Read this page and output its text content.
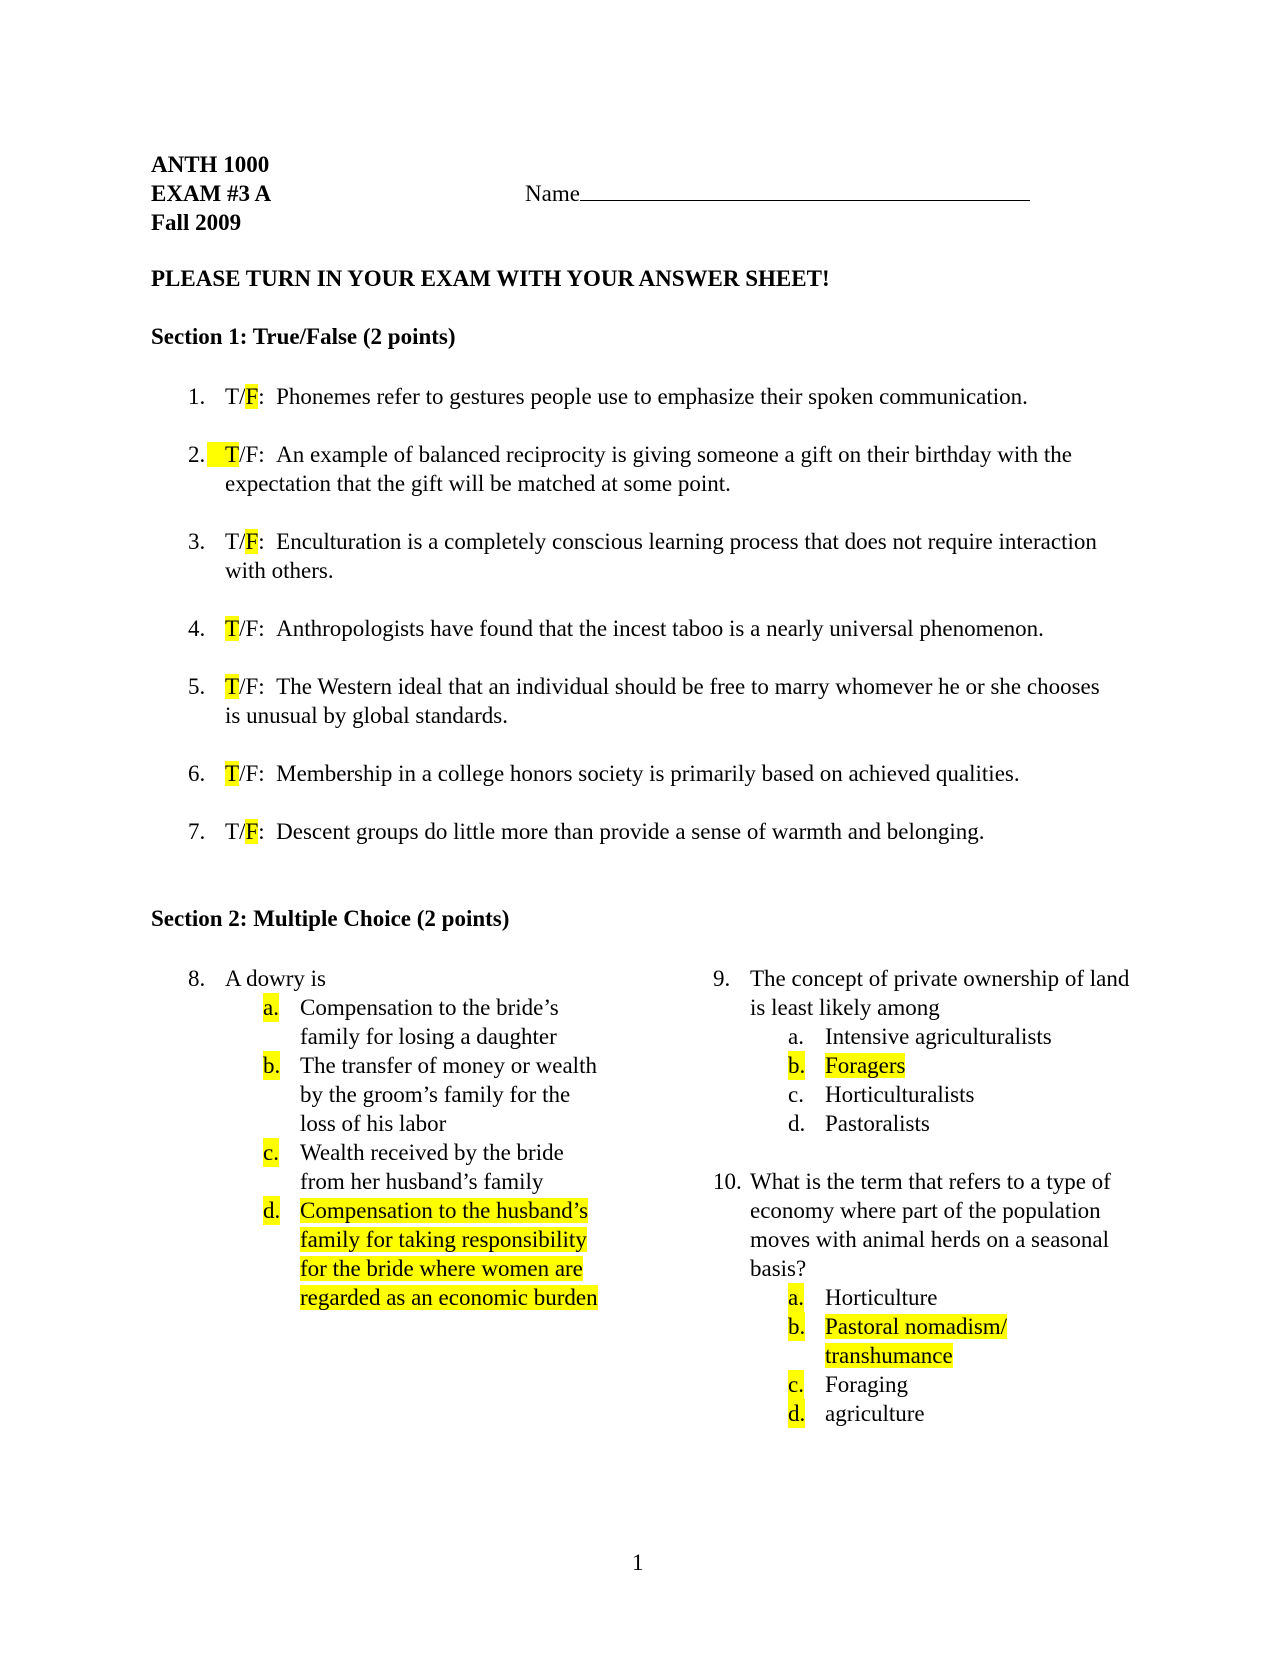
ANTH 1000
EXAM #3 A
Fall 2009
Name
PLEASE TURN IN YOUR EXAM WITH YOUR ANSWER SHEET!
Section 1: True/False (2 points)
1. T/F: Phonemes refer to gestures people use to emphasize their spoken communication.
2. T/F: An example of balanced reciprocity is giving someone a gift on their birthday with the expectation that the gift will be matched at some point.
3. T/F: Enculturation is a completely conscious learning process that does not require interaction with others.
4. T/F: Anthropologists have found that the incest taboo is a nearly universal phenomenon.
5. T/F: The Western ideal that an individual should be free to marry whomever he or she chooses is unusual by global standards.
6. T/F: Membership in a college honors society is primarily based on achieved qualities.
7. T/F: Descent groups do little more than provide a sense of warmth and belonging.
Section 2: Multiple Choice (2 points)
8. A dowry is
a. Compensation to the bride’s family for losing a daughter
b. The transfer of money or wealth by the groom’s family for the loss of his labor
c. Wealth received by the bride from her husband’s family
d. Compensation to the husband’s family for taking responsibility for the bride where women are regarded as an economic burden
9. The concept of private ownership of land is least likely among
a. Intensive agriculturalists
b. Foragers
c. Horticulturalists
d. Pastoralists
10. What is the term that refers to a type of economy where part of the population moves with animal herds on a seasonal basis?
a. Horticulture
b. Pastoral nomadism/ transhumance
c. Foraging
d. agriculture
1
